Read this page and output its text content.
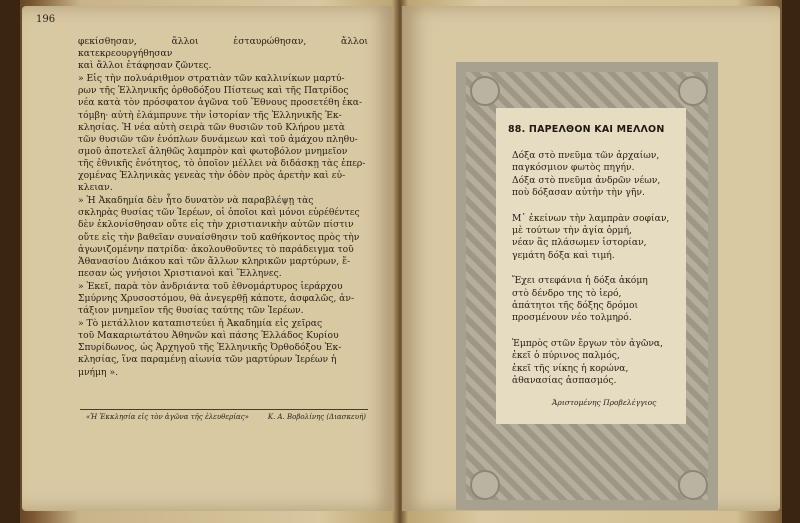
196

φεκίσθησαν, ἄλλοι ἐσταυρώθησαν, ἄλλοι κατεκρεουργήθησαν
καὶ ἄλλοι ἐτάφησαν ζῶντες.

» Εἰς τὴν πολυάριθμον στρατιὰν τῶν καλλινίκων μαρτύ-
ρων τῆς Ἑλληνικῆς ὀρθοδόξου Πίστεως καὶ τῆς Πατρίδος
νέα κατὰ τὸν πρόσφατον ἀγῶνα τοῦ Ἔθνους προσετέθη ἑκα-
τόμβη· αὐτὴ ἐλάμπρυνε τὴν ἱστορίαν τῆς Ἑλληνικῆς Ἐκ-
κλησίας. Ἡ νέα αὐτὴ σειρὰ τῶν θυσιῶν τοῦ Κλήρου μετὰ
τῶν θυσιῶν τῶν ἐνόπλων δυνάμεων καὶ τοῦ ἀμάχου πληθυ-
σμοῦ ἀποτελεῖ ἀληθῶς λαμπρὸν καὶ φωτοβόλον μνημεῖον
τῆς ἐθνικῆς ἑνότητος, τὸ ὁποῖον μέλλει νὰ διδάσκῃ τὰς ἐπερ-
χομένας Ἑλληνικὰς γενεὰς τὴν ὁδὸν πρὸς ἀρετὴν καὶ εὐ-
κλειαν.

» Ἡ Ἀκαδημία δὲν ἦτο δυνατὸν νὰ παραβλέψῃ τὰς
σκληρὰς θυσίας τῶν Ἱερέων, οἱ ὁποῖοι καὶ μόνοι εὑρέθέντες
δὲν ἐκλονίσθησαν οὔτε εἰς τὴν χριστιανικὴν αὐτῶν πίστιν
οὔτε εἰς τὴν βαθεῖαν συναίσθησιν τοῦ καθήκοντος πρὸς τὴν
ἀγωνιζομένην πατρίδα· ἀκολουθοῦντες τὸ παράδειγμα τοῦ
Ἀθανασίου Διάκου καὶ τῶν ἄλλων κληρικῶν μαρτύρων, ἔ-
πεσαν ὡς γνήσιοι Χριστιανοὶ καὶ Ἕλληνες.

» Ἐκεῖ, παρὰ τὸν ἀνδριάντα τοῦ ἐθνομάρτυρος ἱεράρχου
Σμύρνης Χρυσοστόμου, θὰ ἀνεγερθῇ κάποτε, ἀσφαλῶς, ἀν-
τάξιον μνημεῖον τῆς θυσίας ταύτης τῶν Ἱερέων.

» Τὸ μετάλλιον καταπιστεύει ἡ Ἀκαδημία εἰς χεῖρας
τοῦ Μακαριωτάτου Ἀθηνῶν καὶ πάσης Ἑλλάδος Κυρίου
Σπυρίδωνος, ὡς Ἀρχηγοῦ τῆς Ἑλληνικῆς Ὀρθοδόξου Ἐκ-
κλησίας, ἵνα παραμένῃ αἰωνία τῶν μαρτύρων Ἱερέων ἡ
μνήμη ».

«Ἡ Ἐκκλησία εἰς τὸν ἀγῶνα τῆς ἐλευθερίας»	Κ. Α. Βοβολίνης (Διασκευή)
88. ΠΑΡΕΛΘΟΝ ΚΑΙ ΜΕΛΛΟΝ
Δόξα στὸ πνεῦμα τῶν ἀρχαίων,
παγκόσμιον φωτὸς πηγήν.
Δόξα στὸ πνεῦμα ἀνδρῶν νέων,
ποὺ δόξασαν αὐτὴν τὴν γῆν.
Μ᾽ ἐκείνων τὴν λαμπρὰν σοφίαν,
μὲ τούτων τὴν ἁγία ὁρμή,
νέαν ἂς πλάσωμεν ἱστορίαν,
γεμάτη δόξα καὶ τιμή.
Ἔχει στεφάνια ἡ δόξα ἀκόμη
στὸ δένδρο της τὸ ἱερό,
ἀπάτητοι τῆς δόξης δρόμοι
προσμένουν νέο τολμηρό.
Ἐμπρὸς στῶν ἔργων τὸν ἀγῶνα,
ἐκεῖ ὁ πύρινος παλμός,
ἐκεῖ τῆς νίκης ἡ κορώνα,
ἀθανασίας ἀσπασμός.
Ἀριστομένης Προβελέγγιος
